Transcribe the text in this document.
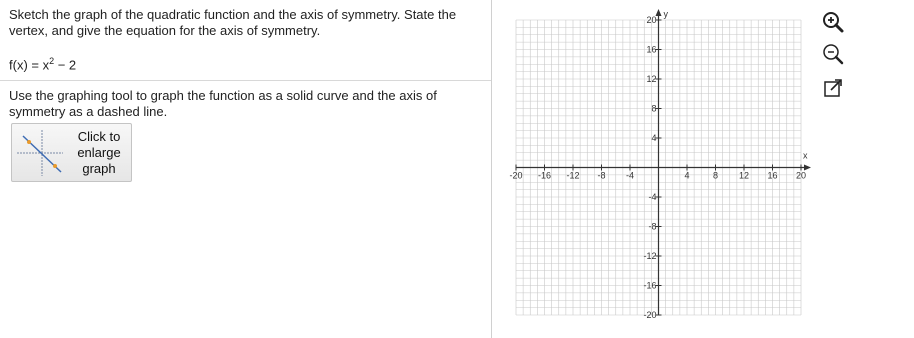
Sketch the graph of the quadratic function and the axis of symmetry. State the vertex, and give the equation for the axis of symmetry.
$f(x) = x^2 - 2$
Use the graphing tool to graph the function as a solid curve and the axis of symmetry as a dashed line.
Click to enlarge graph
x
y
-20 -16 -12 -8 -4	4	8 12 16 20
20
16
12
8
4
-4
-8
-12
-16
-20
